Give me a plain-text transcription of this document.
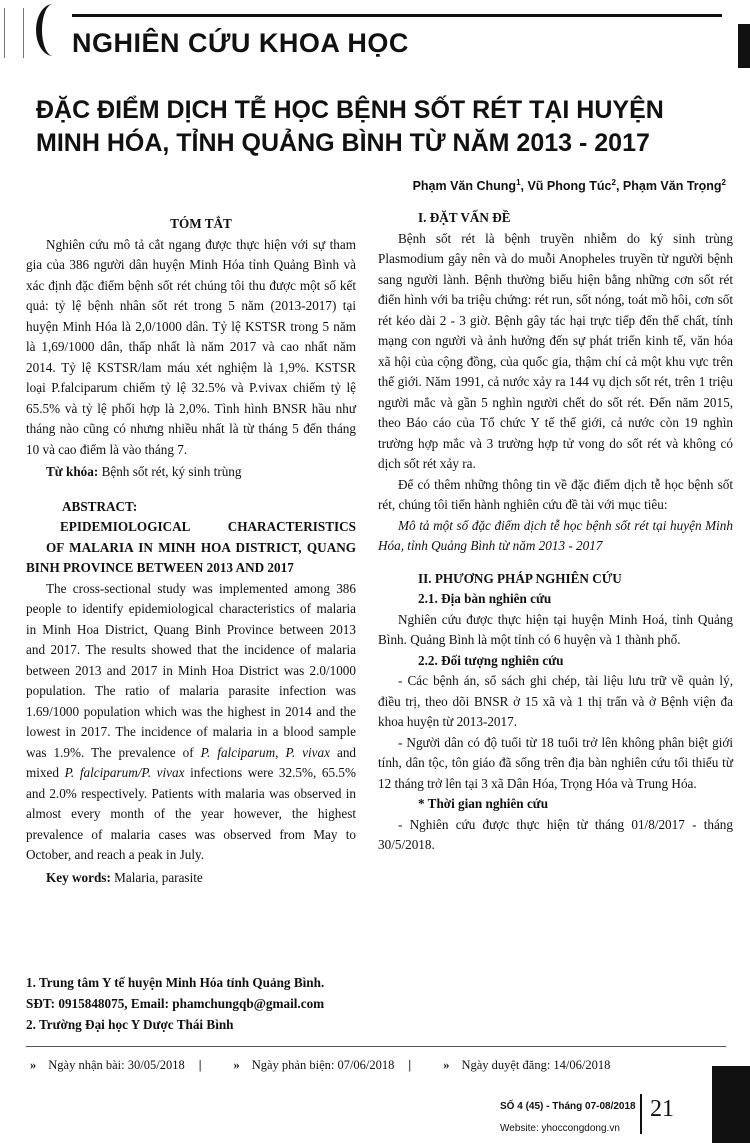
NGHIÊN CỨU KHOA HỌC
ĐẶC ĐIỂM DỊCH TỄ HỌC BỆNH SỐT RÉT TẠI HUYỆN MINH HÓA, TỈNH QUẢNG BÌNH TỪ NĂM 2013 - 2017
Phạm Văn Chung$^1$, Vũ Phong Túc$^2$, Phạm Văn Trọng$^2$

TÓM TẮT

Nghiên cứu mô tả cắt ngang được thực hiện với sự tham gia của 386 người dân huyện Minh Hóa tỉnh Quảng Bình và xác định đặc điểm bệnh sốt rét chúng tôi thu được một số kết quả: tỷ lệ bệnh nhân sốt rét trong 5 năm (2013-2017) tại huyện Minh Hóa là 2,0/1000 dân. Tỷ lệ KSTSR trong 5 năm là 1,69/1000 dân, thấp nhất là năm 2017 và cao nhất năm 2014. Tỷ lệ KSTSR/lam máu xét nghiệm là 1,9%. KSTSR loại P.falciparum chiếm tỷ lệ 32.5% và P.vivax chiếm tỷ lệ 65.5% và tỷ lệ phối hợp là 2,0%. Tình hình BNSR hầu như tháng nào cũng có nhưng nhiều nhất là từ tháng 5 đến tháng 10 và cao điểm là vào tháng 7.

Từ khóa: Bệnh sốt rét, ký sinh trùng

ABSTRACT:

EPIDEMIOLOGICAL CHARACTERISTICS

OF MALARIA IN MINH HOA DISTRICT, QUANG BINH PROVINCE BETWEEN 2013 AND 2017

The cross-sectional study was implemented among 386 people to identify epidemiological characteristics of malaria in Minh Hoa District, Quang Binh Province between 2013 and 2017. The results showed that the incidence of malaria between 2013 and 2017 in Minh Hoa District was 2.0/1000 population. The ratio of malaria parasite infection was 1.69/1000 population which was the highest in 2014 and the lowest in 2017. The incidence of malaria in a blood sample was 1.9%. The prevalence of P. falciparum, P. vivax and mixed P. falciparum/P. vivax infections were 32.5%, 65.5% and 2.0% respectively. Patients with malaria was observed in almost every month of the year however, the highest prevalence of malaria cases was observed from May to October, and reach a peak in July.

Key words: Malaria, parasite

I. ĐẶT VẤN ĐỀ

Bệnh sốt rét là bệnh truyền nhiễm do ký sinh trùng Plasmodium gây nên và do muỗi Anopheles truyền từ người bệnh sang người lành. Bệnh thường biểu hiện bằng những cơn sốt rét điển hình với ba triệu chứng: rét run, sốt nóng, toát mồ hôi, cơn sốt rét kéo dài 2 - 3 giờ. Bệnh gây tác hại trực tiếp đến thể chất, tính mạng con người và ảnh hưởng đến sự phát triển kinh tế, văn hóa xã hội của cộng đồng, của quốc gia, thậm chí cả một khu vực trên thế giới. Năm 1991, cả nước xảy ra 144 vụ dịch sốt rét, trên 1 triệu người mắc và gần 5 nghìn người chết do sốt rét. Đến năm 2015, theo Báo cáo của Tổ chức Y tế thế giới, cả nước còn 19 nghìn trường hợp mắc và 3 trường hợp tử vong do sốt rét và không có dịch sốt rét xảy ra.

Để có thêm những thông tin về đặc điểm dịch tễ học bệnh sốt rét, chúng tôi tiến hành nghiên cứu đề tài với mục tiêu:

Mô tả một số đặc điểm dịch tễ học bệnh sốt rét tại huyện Minh Hóa, tỉnh Quảng Bình từ năm 2013 - 2017

II. PHƯƠNG PHÁP NGHIÊN CỨU

2.1. Địa bàn nghiên cứu

Nghiên cứu được thực hiện tại huyện Minh Hoá, tỉnh Quảng Bình. Quảng Bình là một tỉnh có 6 huyện và 1 thành phố.

2.2. Đối tượng nghiên cứu

- Các bệnh án, sổ sách ghi chép, tài liệu lưu trữ về quản lý, điều trị, theo dõi BNSR ở 15 xã và 1 thị trấn và ở Bệnh viện đa khoa huyện từ 2013-2017.

- Người dân có độ tuổi từ 18 tuổi trở lên không phân biệt giới tính, dân tộc, tôn giáo đã sống trên địa bàn nghiên cứu tối thiểu từ 12 tháng trở lên tại 3 xã Dân Hóa, Trọng Hóa và Trung Hóa.

* Thời gian nghiên cứu

- Nghiên cứu được thực hiện từ tháng 01/8/2017 - tháng 30/5/2018.

1. Trung tâm Y tế huyện Minh Hóa tỉnh Quảng Bình.
SĐT: 0915848075, Email: phamchungqb@gmail.com
2. Trường Đại học Y Dược Thái Bình
» Ngày nhận bài: 30/05/2018 |	» Ngày phản biện: 07/06/2018 |	» Ngày duyệt đăng: 14/06/2018
SỐ 4 (45) - Tháng 07-08/2018
Website: yhoccongdong.vn
21
